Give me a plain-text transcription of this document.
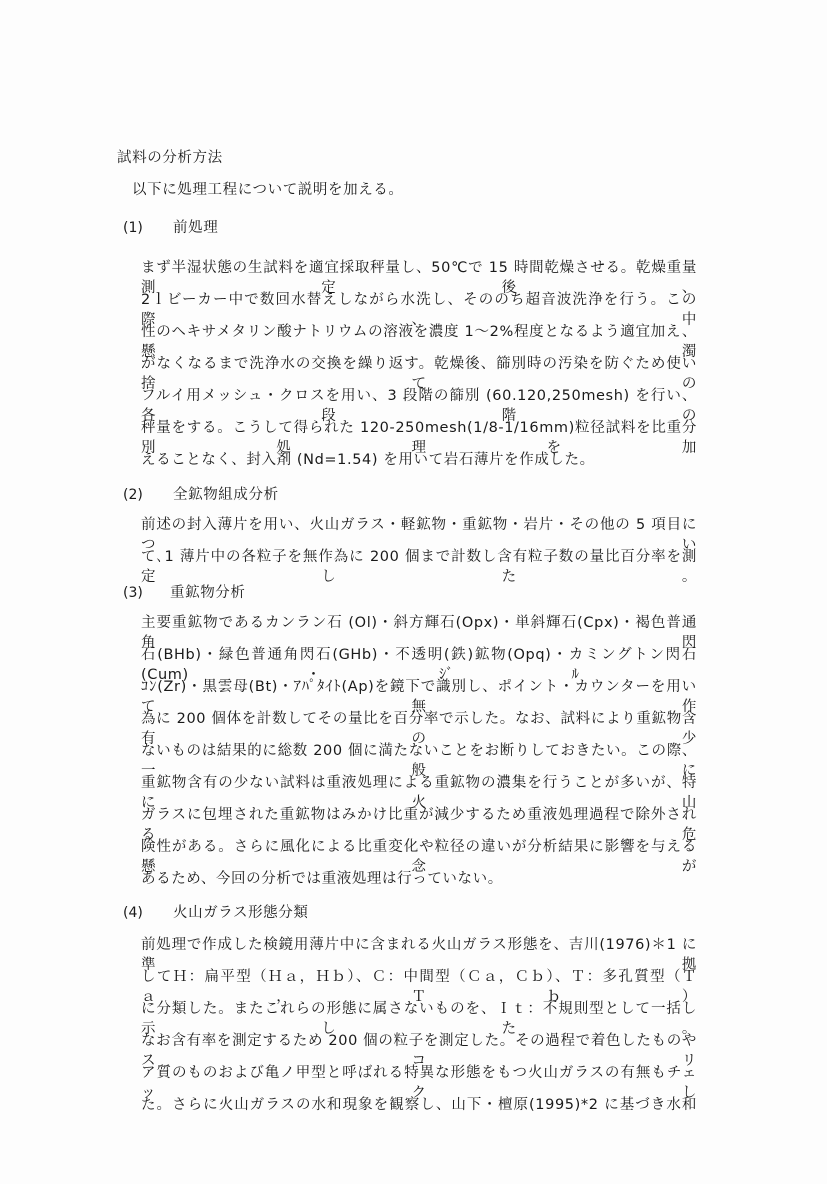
試料の分析方法
以下に処理工程について説明を加える。
(1) 前処理
まず半湿状態の生試料を適宜採取秤量し、50℃で 15 時間乾燥させる。乾燥重量測定後、
2ｌビーカー中で数回水替えしながら水洗し、そののち超音波洗浄を行う。この際、中
性のヘキサメタリン酸ナトリウムの溶液を濃度 1～2%程度となるよう適宜加え、懸濁
がなくなるまで洗浄水の交換を繰り返す。乾燥後、篩別時の汚染を防ぐため使い捨ての
フルイ用メッシュ・クロスを用い、3 段階の篩別 (60.120,250mesh) を行い、各段階の
秤量をする。こうして得られた 120-250mesh(1/8-1/16mm)粒径試料を比重分別処理を加
えることなく、封入剤 (Nd=1.54) を用いて岩石薄片を作成した。
(2) 全鉱物組成分析
前述の封入薄片を用い、火山ガラス・軽鉱物・重鉱物・岩片・その他の 5 項目につい
て､1 薄片中の各粒子を無作為に 200 個まで計数し含有粒子数の量比百分率を測定した。
(3) 重鉱物分析
主要重鉱物であるカンラン石 (Ol)・斜方輝石(Opx)・単斜輝石(Cpx)・褐色普通角閃
石(BHb)・緑色普通角閃石(GHb)・不透明(鉄)鉱物(Opq)・カミングトン閃石(Cum)・ｼﾞﾙ
ｺﾝ(Zr)・黒雲母(Bt)・ｱﾊﾟﾀｲﾄ(Ap)を鏡下で識別し、ポイント・カウンターを用いて無作
為に 200 個体を計数してその量比を百分率で示した。なお、試料により重鉱物含有の少
ないものは結果的に総数 200 個に満たないことをお断りしておきたい。この際、一般に
重鉱物含有の少ない試料は重液処理による重鉱物の濃集を行うことが多いが、特に火山
ガラスに包埋された重鉱物はみかけ比重が減少するため重液処理過程で除外される危
険性がある。さらに風化による比重変化や粒径の違いが分析結果に影響を与える懸念が
あるため、今回の分析では重液処理は行っていない。
(4) 火山ガラス形態分類
前処理で作成した検鏡用薄片中に含まれる火山ガラス形態を、吉川(1976)＊1 に準拠
してＨ：扁平型（Ｈａ，Ｈｂ）、Ｃ：中間型（Ｃａ，Ｃｂ）、Ｔ：多孔質型（Ｔａ，Ｔｂ）
に分類した。またこれらの形態に属さないものを、Ｉｔ：不規則型として一括し示した。
なお含有率を測定するため 200 個の粒子を測定した。その過程で着色したものやスコリ
ア質のものおよび亀ノ甲型と呼ばれる特異な形態をもつ火山ガラスの有無もチェックし
た。さらに火山ガラスの水和現象を観察し、山下・檀原(1995)*2 に基づき水和
